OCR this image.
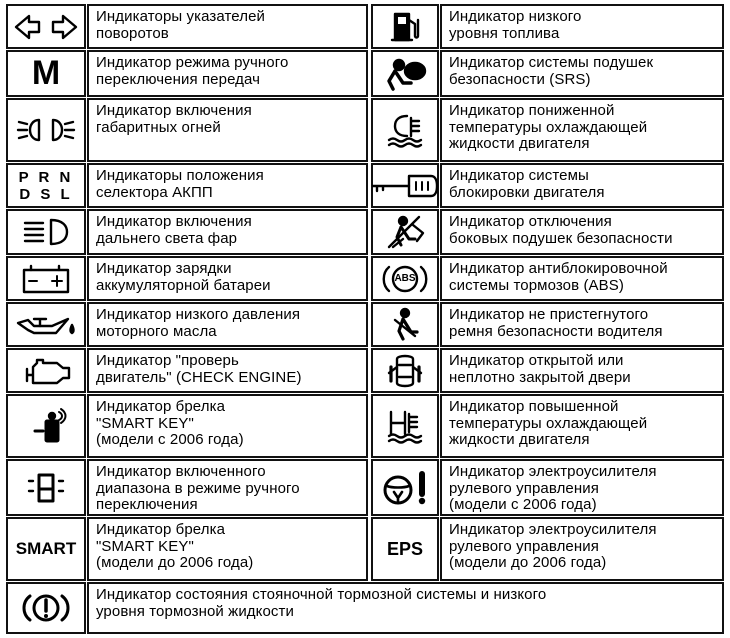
Индикаторы указателей
поворотов
Индикатор низкого
уровня топлива
M Индикатор режима ручного
переключения передач
Индикатор системы подушек
безопасности (SRS)
Индикатор включения
габаритных огней
Индикатор пониженной
температуры охлаждающей
жидкости двигателя
P R N
D S L
Индикаторы положения
селектора АКПП
Индикатор системы
блокировки двигателя
Индикатор включения
дальнего света фар
Индикатор отключения
боковых подушек безопасности
Индикатор зарядки
аккумуляторной батареи	ABS
Индикатор антиблокировочной
системы тормозов (ABS)
Индикатор низкого давления
моторного масла
Индикатор не пристегнутого
ремня безопасности водителя
Индикатор "проверь
двигатель" (CHECK ENGINE)
Индикатор открытой или
неплотно закрытой двери
Индикатор брелка
"SMART KEY"
(модели с 2006 года)
Индикатор повышенной
температуры охлаждающей
жидкости двигателя
Индикатор включенного
диапазона в режиме ручного
переключения
Индикатор электроусилителя
рулевого управления
(модели с 2006 года)
SMART
Индикатор брелка
"SMART KEY"
(модели до 2006 года)
EPS
Индикатор электроусилителя
рулевого управления
(модели до 2006 года)
Индикатор состояния стояночной тормозной системы и низкого
уровня тормозной жидкости
